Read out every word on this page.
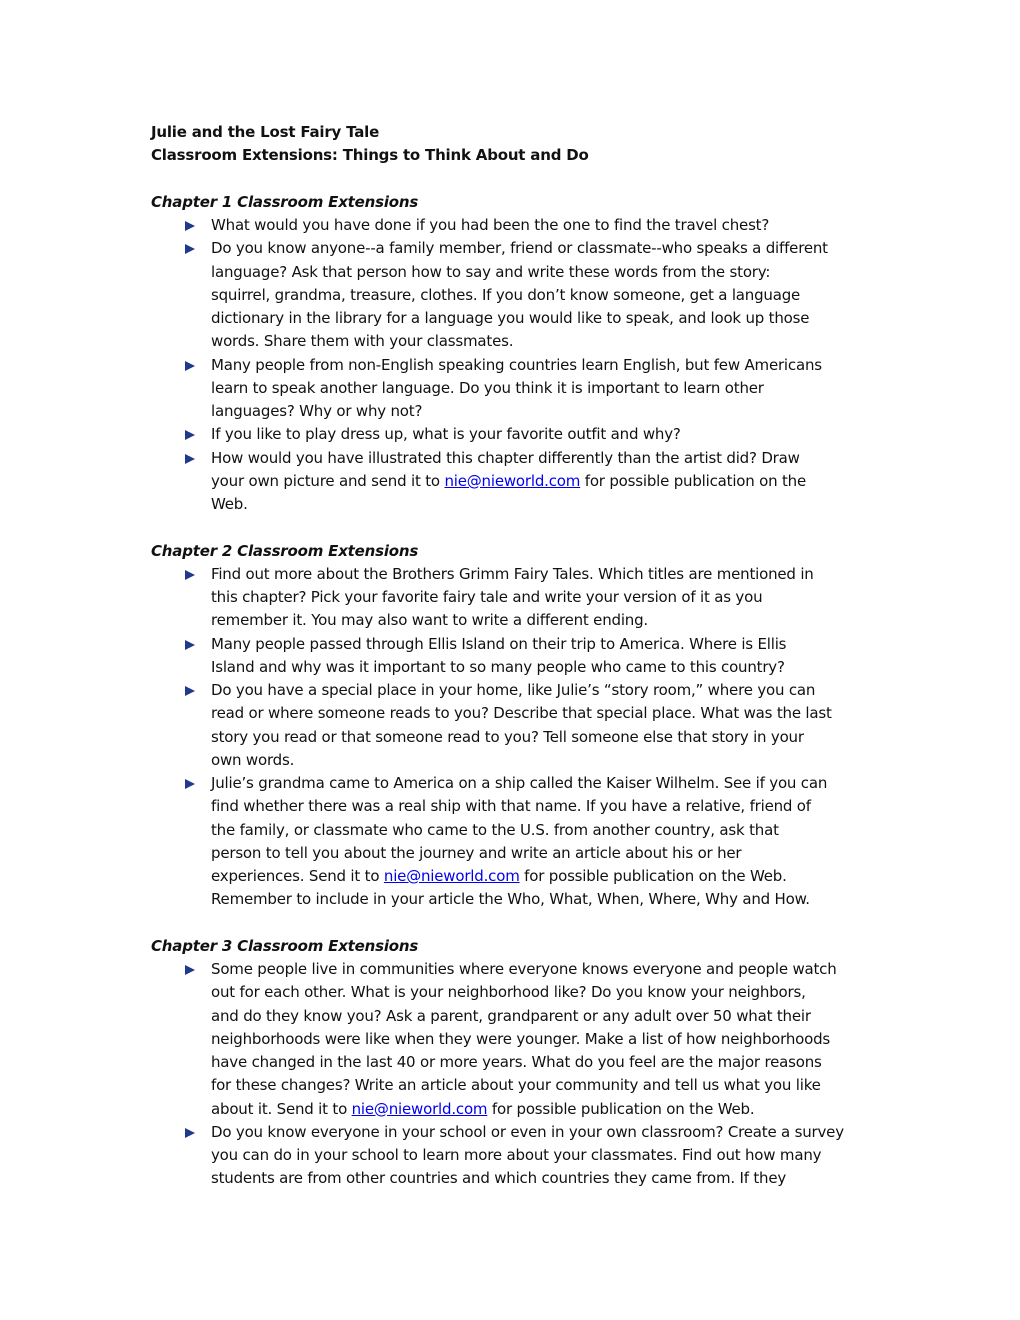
Julie and the Lost Fairy Tale
Classroom Extensions: Things to Think About and Do
Chapter 1 Classroom Extensions
What would you have done if you had been the one to find the travel chest?
Do you know anyone--a family member, friend or classmate--who speaks a different
language? Ask that person how to say and write these words from the story:
squirrel, grandma, treasure, clothes. If you don’t know someone, get a language
dictionary in the library for a language you would like to speak, and look up those
words. Share them with your classmates.
Many people from non-English speaking countries learn English, but few Americans
learn to speak another language. Do you think it is important to learn other
languages? Why or why not?
If you like to play dress up, what is your favorite outfit and why?
How would you have illustrated this chapter differently than the artist did? Draw
your own picture and send it to nie@nieworld.com for possible publication on the
Web.
Chapter 2 Classroom Extensions
Find out more about the Brothers Grimm Fairy Tales. Which titles are mentioned in
this chapter? Pick your favorite fairy tale and write your version of it as you
remember it. You may also want to write a different ending.
Many people passed through Ellis Island on their trip to America. Where is Ellis
Island and why was it important to so many people who came to this country?
Do you have a special place in your home, like Julie’s “story room,” where you can
read or where someone reads to you? Describe that special place. What was the last
story you read or that someone read to you? Tell someone else that story in your
own words.
Julie’s grandma came to America on a ship called the Kaiser Wilhelm. See if you can
find whether there was a real ship with that name. If you have a relative, friend of
the family, or classmate who came to the U.S. from another country, ask that
person to tell you about the journey and write an article about his or her
experiences. Send it to nie@nieworld.com for possible publication on the Web.
Remember to include in your article the Who, What, When, Where, Why and How.
Chapter 3 Classroom Extensions
Some people live in communities where everyone knows everyone and people watch
out for each other. What is your neighborhood like? Do you know your neighbors,
and do they know you? Ask a parent, grandparent or any adult over 50 what their
neighborhoods were like when they were younger. Make a list of how neighborhoods
have changed in the last 40 or more years. What do you feel are the major reasons
for these changes? Write an article about your community and tell us what you like
about it. Send it to nie@nieworld.com for possible publication on the Web.
Do you know everyone in your school or even in your own classroom? Create a survey
you can do in your school to learn more about your classmates. Find out how many
students are from other countries and which countries they came from. If they
